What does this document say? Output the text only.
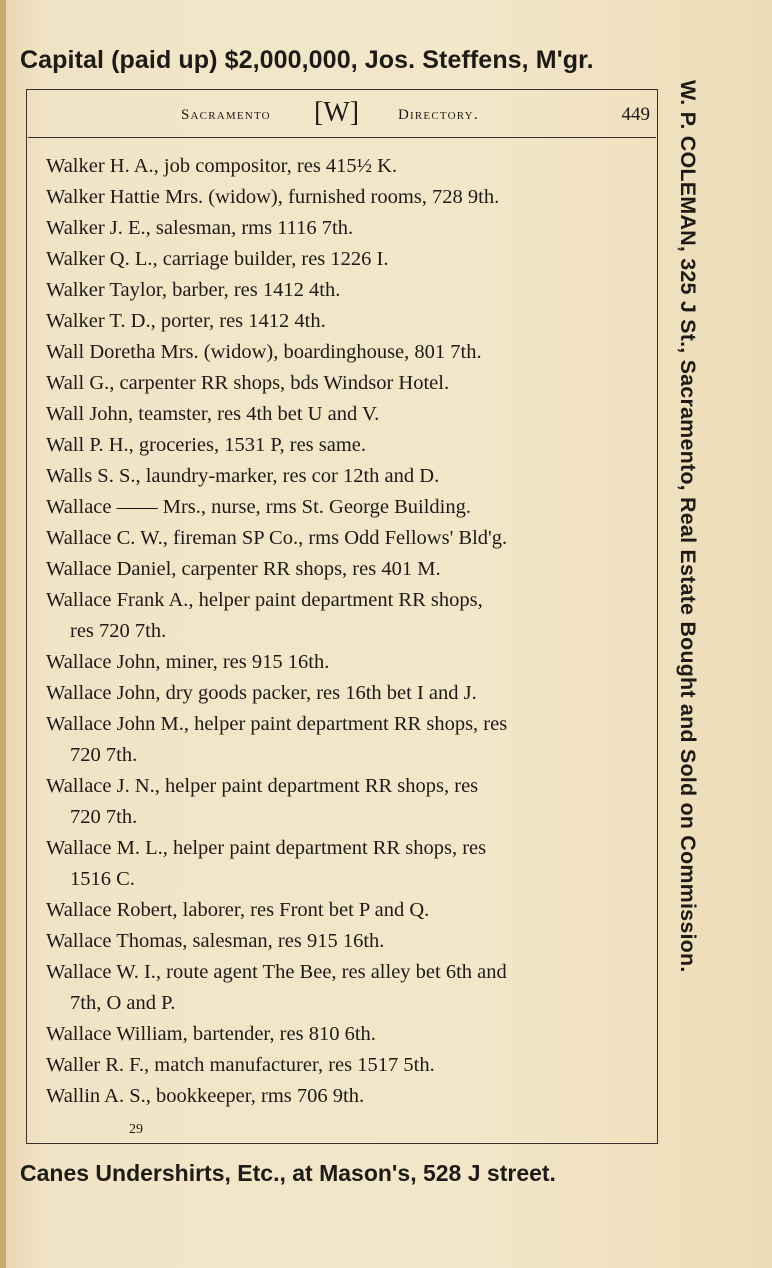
Capital (paid up) $2,000,000, Jos. Steffens, M'gr.
Sacramento [W]	Directory.	449
Walker H. A., job compositor, res 415½ K.
Walker Hattie Mrs. (widow), furnished rooms, 728 9th.
Walker J. E., salesman, rms 1116 7th.
Walker Q. L., carriage builder, res 1226 I.
Walker Taylor, barber, res 1412 4th.
Walker T. D., porter, res 1412 4th.
Wall Doretha Mrs. (widow), boardinghouse, 801 7th.
Wall G., carpenter RR shops, bds Windsor Hotel.
Wall John, teamster, res 4th bet U and V.
Wall P. H., groceries, 1531 P, res same.
Walls S. S., laundry-marker, res cor 12th and D.
Wallace —— Mrs., nurse, rms St. George Building.
Wallace C. W., fireman SP Co., rms Odd Fellows' Bld'g.
Wallace Daniel, carpenter RR shops, res 401 M.
Wallace Frank A., helper paint department RR shops,
res 720 7th.
Wallace John, miner, res 915 16th.
Wallace John, dry goods packer, res 16th bet I and J.
Wallace John M., helper paint department RR shops, res
720 7th.
Wallace J. N., helper paint department RR shops, res
720 7th.
Wallace M. L., helper paint department RR shops, res
1516 C.
Wallace Robert, laborer, res Front bet P and Q.
Wallace Thomas, salesman, res 915 16th.
Wallace W. I., route agent The Bee, res alley bet 6th and
7th, O and P.
Wallace William, bartender, res 810 6th.
Waller R. F., match manufacturer, res 1517 5th.
Wallin A. S., bookkeeper, rms 706 9th.
29
W. P. COLEMAN, 325 J St., Sacramento, Real Estate Bought and Sold on Commission.
Canes Undershirts, Etc., at Mason's, 528 J street.
